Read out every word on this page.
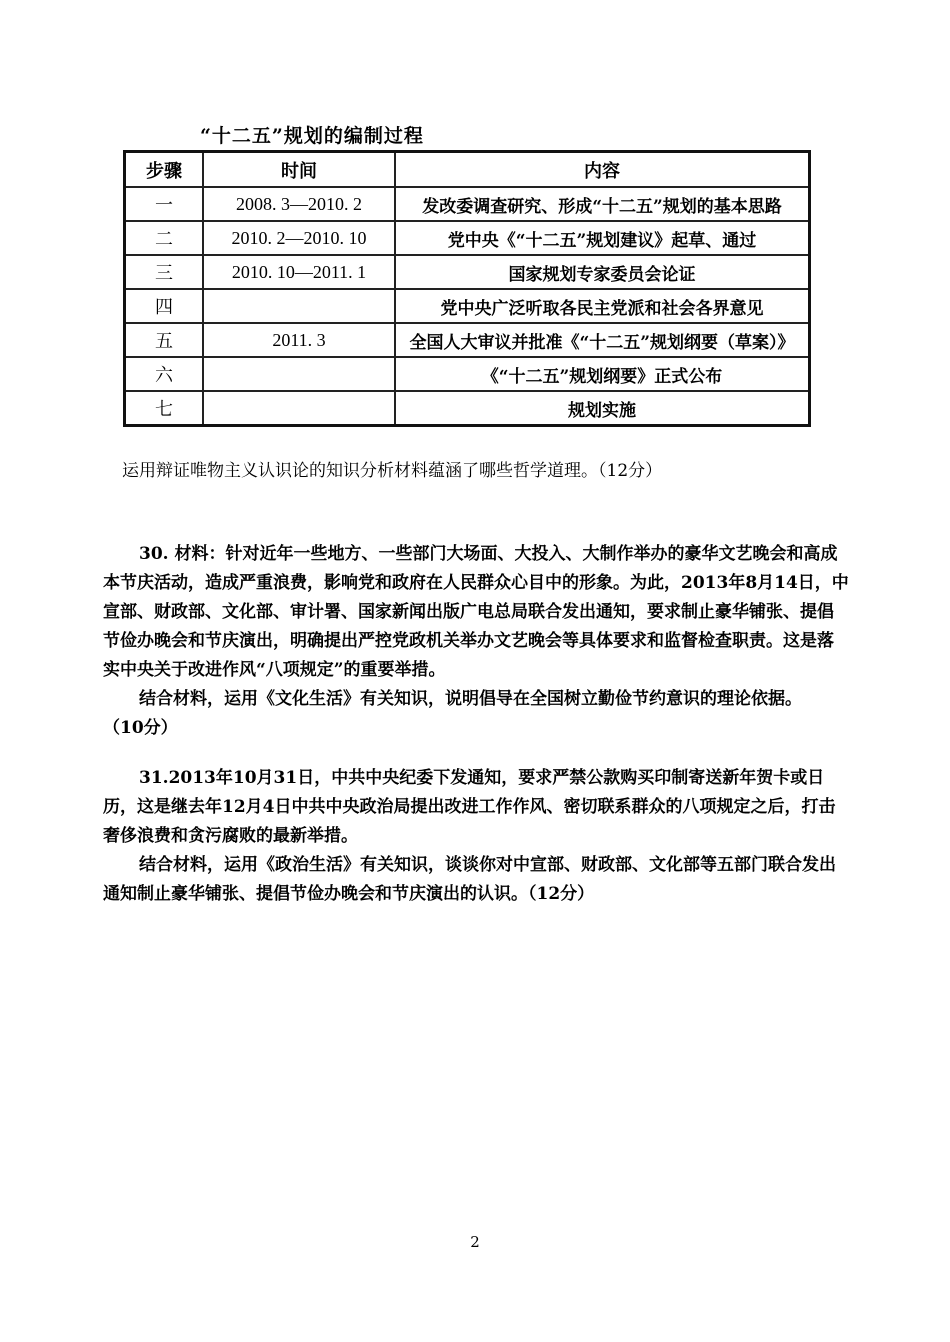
“十二五”规划的编制过程
步骤	时间	内容
一	2008. 3—2010. 2	发改委调查研究、形成“十二五”规划的基本思路
二	2010. 2—2010. 10	党中央《“十二五”规划建议》起草、通过
三	2010. 10—2011. 1	国家规划专家委员会论证
四		党中央广泛听取各民主党派和社会各界意见
五	2011. 3	全国人大审议并批准《“十二五”规划纲要（草案）》
六		《“十二五”规划纲要》正式公布
七		规划实施
运用辩证唯物主义认识论的知识分析材料蕴涵了哪些哲学道理。（12分）

30. 材料：针对近年一些地方、一些部门大场面、大投入、大制作举办的豪华文艺晚会和高成本节庆活动，造成严重浪费，影响党和政府在人民群众心目中的形象。为此，2013年8月14日，中宣部、财政部、文化部、审计署、国家新闻出版广电总局联合发出通知，要求制止豪华铺张、提倡节俭办晚会和节庆演出，明确提出严控党政机关举办文艺晚会等具体要求和监督检查职责。这是落实中央关于改进作风“八项规定”的重要举措。

结合材料，运用《文化生活》有关知识，说明倡导在全国树立勤俭节约意识的理论依据。

（10分）

31.2013年10月31日，中共中央纪委下发通知，要求严禁公款购买印制寄送新年贺卡或日历，这是继去年12月4日中共中央政治局提出改进工作作风、密切联系群众的八项规定之后，打击奢侈浪费和贪污腐败的最新举措。

结合材料，运用《政治生活》有关知识，谈谈你对中宣部、财政部、文化部等五部门联合发出通知制止豪华铺张、提倡节俭办晚会和节庆演出的认识。（12分）

2
